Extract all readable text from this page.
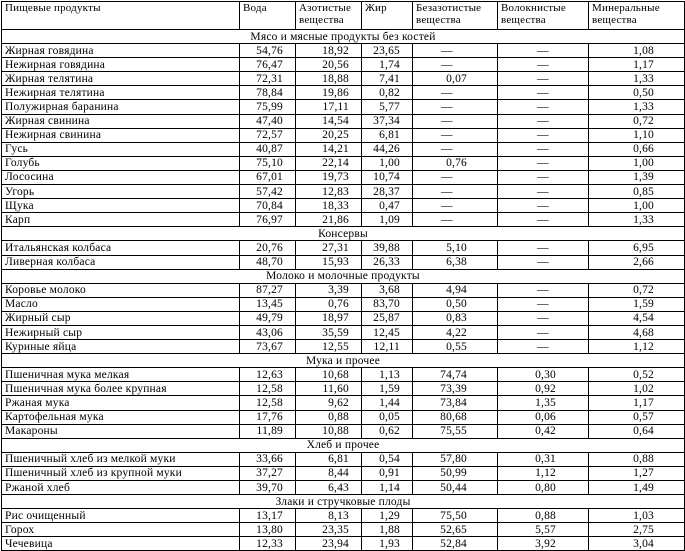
Пищевые продукты	Вода	Азотистые вещества	Жир	Безазотистые вещества	Волокнистые вещества	Минеральные вещества
Мясо и мясные продукты без костей						
Жирная говядина	54,76	18,92	23,65	—	—	1,08
Нежирная говядина	76,47	20,56	1,74	—	—	1,17
Жирная телятина	72,31	18,88	7,41	0,07	—	1,33
Нежирная телятина	78,84	19,86	0,82	—	—	0,50
Полужирная баранина	75,99	17,11	5,77	—	—	1,33
Жирная свинина	47,40	14,54	37,34	—	—	0,72
Нежирная свинина	72,57	20,25	6,81	—	—	1,10
Гусь	40,87	14,21	44,26	—	—	0,66
Голубь	75,10	22,14	1,00	0,76	—	1,00
Лососина	67,01	19,73	10,74	—	—	1,39
Угорь	57,42	12,83	28,37	—	—	0,85
Щука	70,84	18,33	0,47	—	—	1,00
Карп	76,97	21,86	1,09	—	—	1,33
Консервы						
Итальянская колбаса	20,76	27,31	39,88	5,10	—	6,95
Ливерная колбаса	48,70	15,93	26,33	6,38	—	2,66
Молоко и молочные продукты						
Коровье молоко	87,27	3,39	3,68	4,94	—	0,72
Масло	13,45	0,76	83,70	0,50	—	1,59
Жирный сыр	49,79	18,97	25,87	0,83	—	4,54
Нежирный сыр	43,06	35,59	12,45	4,22	—	4,68
Куриные яйца	73,67	12,55	12,11	0,55	—	1,12
Мука и прочее						
Пшеничная мука мелкая	12,63	10,68	1,13	74,74	0,30	0,52
Пшеничная мука более крупная	12,58	11,60	1,59	73,39	0,92	1,02
Ржаная мука	12,58	9,62	1,44	73,84	1,35	1,17
Картофельная мука	17,76	0,88	0,05	80,68	0,06	0,57
Макароны	11,89	10,88	0,62	75,55	0,42	0,64
Хлеб и прочее						
Пшеничный хлеб из мелкой муки	33,66	6,81	0,54	57,80	0,31	0,88
Пшеничный хлеб из крупной муки	37,27	8,44	0,91	50,99	1,12	1,27
Ржаной хлеб	39,70	6,43	1,14	50,44	0,80	1,49
Злаки и стручковые плоды						
Рис очищенный	13,17	8,13	1,29	75,50	0,88	1,03
Горох	13,80	23,35	1,88	52,65	5,57	2,75
Чечевица	12,33	23,94	1,93	52,84	3,92	3,04
